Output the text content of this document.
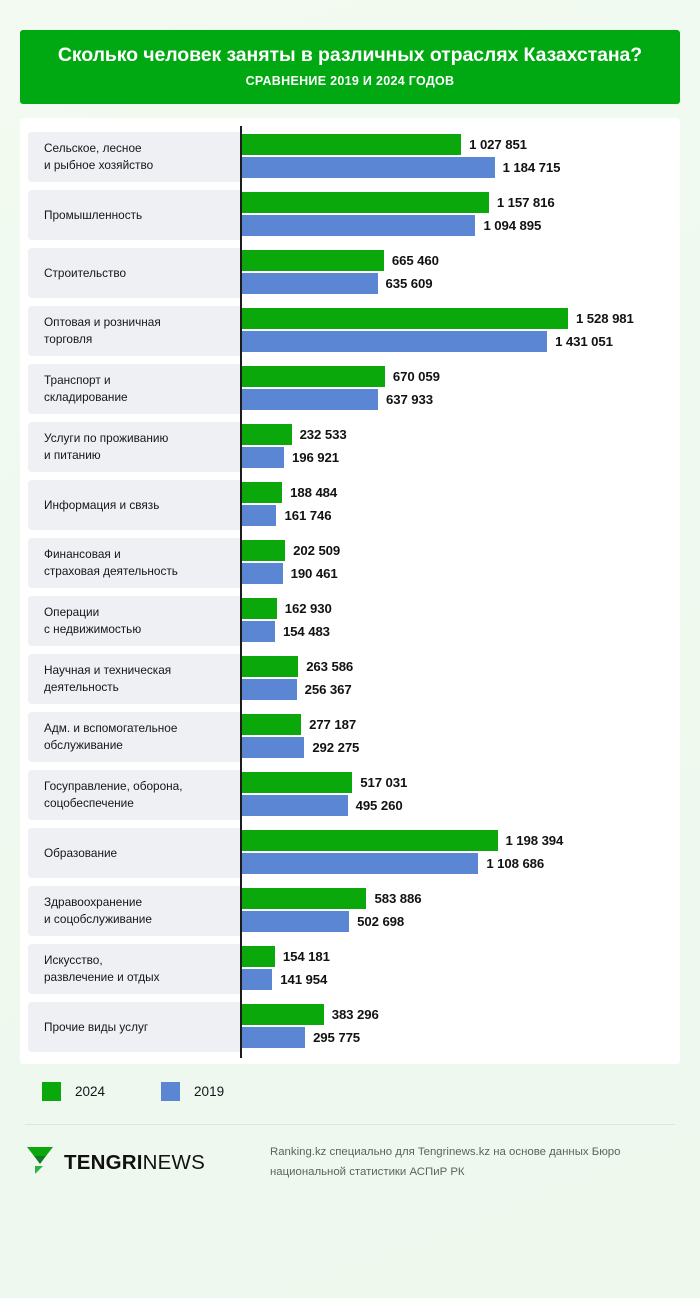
Сколько человек заняты в различных отраслях Казахстана?
СРАВНЕНИЕ 2019 И 2024 ГОДОВ
Сельское, лесное
и рыбное хозяйство
1 027 851
1 184 715
Промышленность
1 157 816
1 094 895
Строительство
665 460
635 609
Оптовая и розничная
торговля
1 528 981
1 431 051
Транспорт и
складирование
670 059
637 933
Услуги по проживанию
и питанию
232 533
196 921
Информация и связь
188 484
161 746
Финансовая и
страховая деятельность
202 509
190 461
Операции
с недвижимостью
162 930
154 483
Научная и техническая
деятельность
263 586
256 367
Адм. и вспомогательное
обслуживание
277 187
292 275
Госуправление, оборона,
соцобеспечение
517 031
495 260
Образование
1 198 394
1 108 686
Здравоохранение
и соцобслуживание
583 886
502 698
Искусство,
развлечение и отдых
154 181
141 954
Прочие виды услуг
383 296
295 775
2024	2019
TENGRINEWS	Ranking.kz специально для Tengrinews.kz на основе данных Бюро
национальной статистики АСПиР РК
